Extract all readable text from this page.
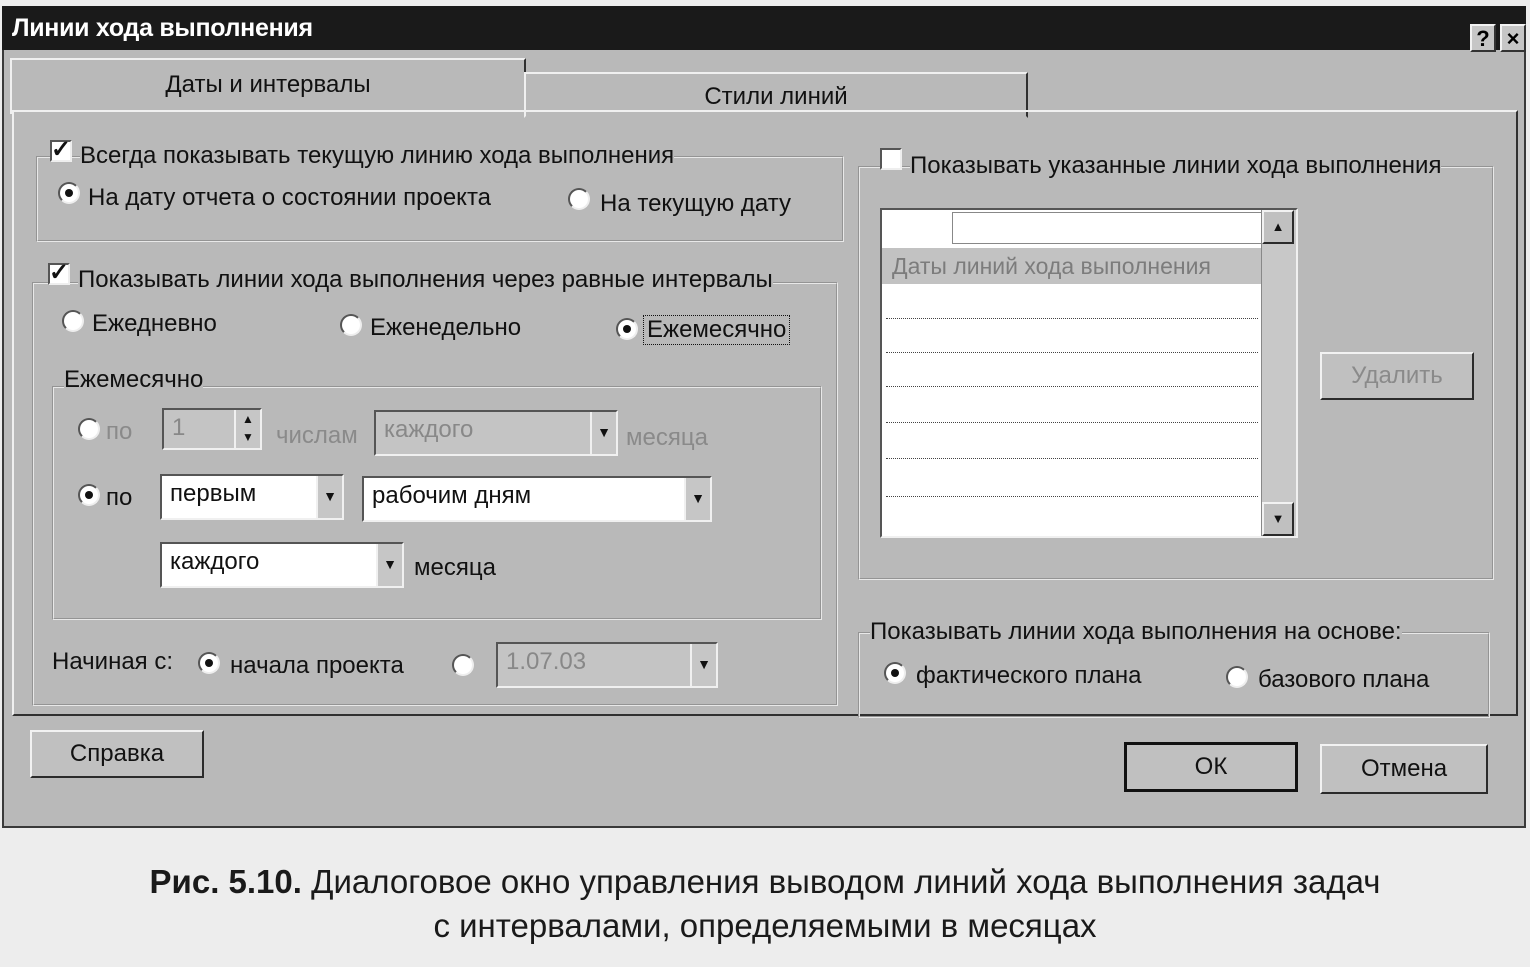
Линии хода выполнения	? ×
Даты и интервалы	Стили линий
✓ Всегда показывать текущую линию хода выполнения
На дату отчета о состоянии проекта	На текущую дату
✓ Показывать линии хода выполнения через равные интервалы
Ежедневно	Еженедельно	Ежемесячно
Ежемесячно
по	1	▲
▼ числам	каждого	▼ месяца
по	первым	▼	рабочим дням	▼
каждого	▼ месяца
Начиная с: начала проекта	1.07.03	▼
Показывать указанные линии хода выполнения
Даты линий хода выполнения
▲
▼
Удалить
Показывать линии хода выполнения на основе:
фактического плана	базового плана
Справка	ОК	Отмена
Рис. 5.10. Диалоговое окно управления выводом линий хода выполнения задач
с интервалами, определяемыми в месяцах
